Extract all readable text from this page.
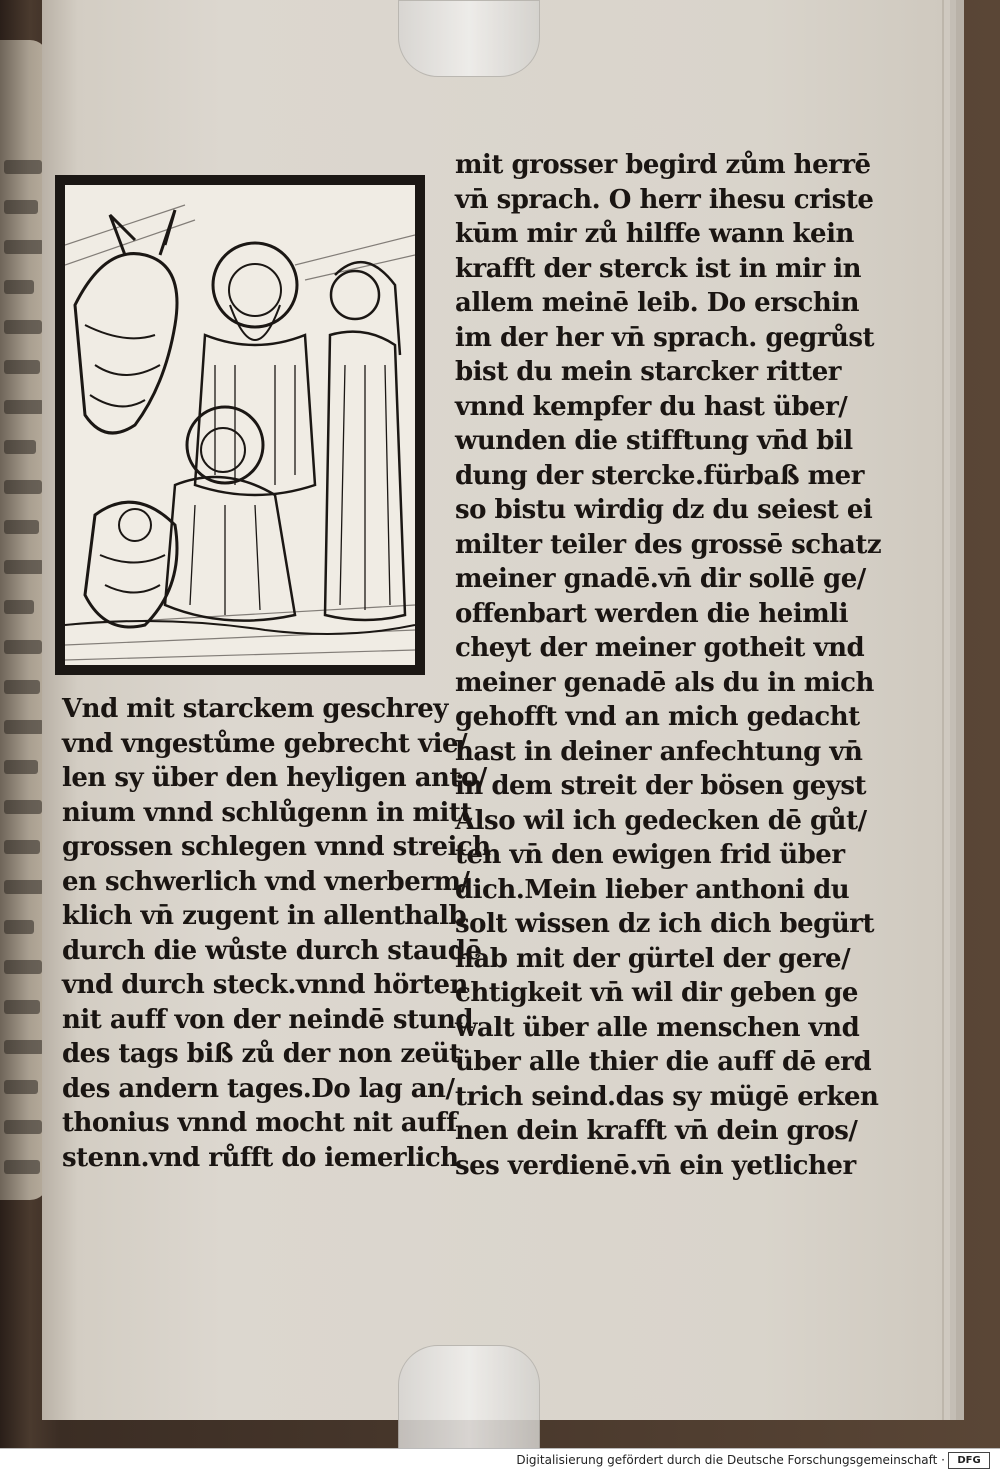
mit grosser begird zům herrē
vn̄ sprach. O herr ihesu criste
kūm mir zů hilffe wann kein
krafft der sterck ist in mir in
allem meinē leib. Do erschin
im der her vn̄ sprach. gegrůst
bist du mein starcker ritter
vnnd kempfer du hast über/
wunden die stifftung vn̄d bil
dung der stercke.fürbaß mer
so bistu wirdig dz du seiest ei
milter teiler des grossē schatz
meiner gnadē.vn̄ dir sollē ge/
offenbart werden die heimli
cheyt der meiner gotheit vnd
meiner genadē als du in mich
gehofft vnd an mich gedacht
hast in deiner anfechtung vn̄
in dem streit der bösen geyst
Also wil ich gedecken dē gůt/
ten vn̄ den ewigen frid über
dich.Mein lieber anthoni du
solt wissen dz ich dich begürt
hab mit der gürtel der gere/
chtigkeit vn̄ wil dir geben ge
walt über alle menschen vnd
über alle thier die auff dē erd
trich seind.das sy mügē erken
nen dein krafft vn̄ dein gros/
ses verdienē.vn̄ ein yetlicher
Vnd mit starckem geschrey
vnd vngestůme gebrecht vie/
len sy über den heyligen anto/
nium vnnd schlůgenn in mitt
grossen schlegen vnnd streich
en schwerlich vnd vnerberm/
klich vn̄ zugent in allenthalb
durch die wůste durch staudē
vnd durch steck.vnnd hörten
nit auff von der neindē stund
des tags biß zů der non zeüt
des andern tages.Do lag an/
thonius vnnd mocht nit auff
stenn.vnd růfft do iemerlich
Digitalisierung gefördert durch die Deutsche Forschungsgemeinschaft ·	DFG
